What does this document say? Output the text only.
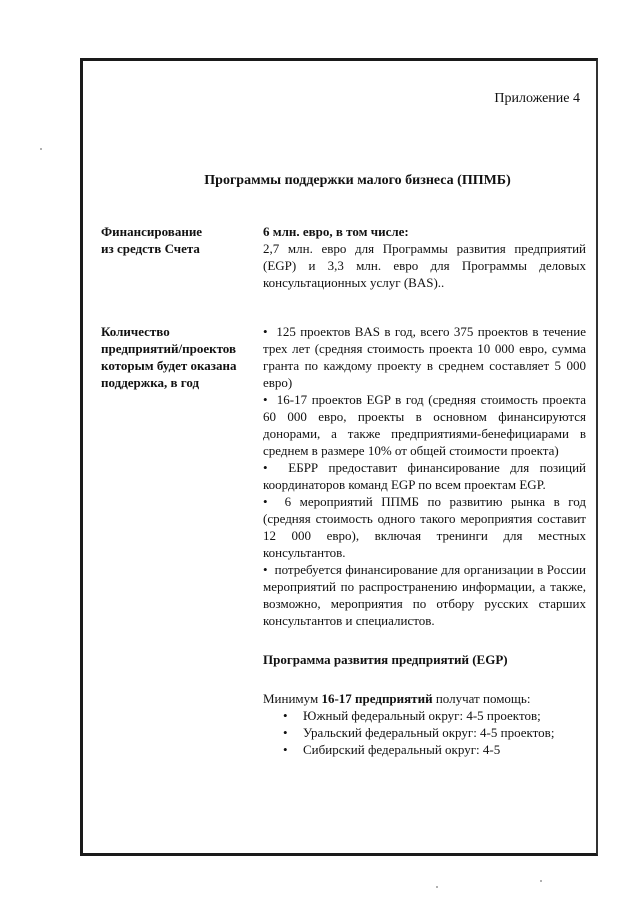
Приложение 4
Программы поддержки малого бизнеса (ППМБ)
Финансирование
из средств Счета

6 млн. евро, в том числе:

2,7 млн. евро для Программы развития предприятий (EGP) и 3,3 млн. евро для Программы деловых консультационных услуг (BAS)..

Количество предприятий/проектов которым будет оказана поддержка, в год

•  125 проектов BAS в год, всего 375 проектов в течение трех лет (средняя стоимость проекта 10 000 евро, сумма гранта по каждому проекту в среднем составляет 5 000 евро)

•  16-17 проектов EGP в год (средняя стоимость проекта 60 000 евро, проекты в основном финансируются донорами, а также предприятиями-бенефициарами в среднем в размере 10% от общей стоимости проекта)

•  ЕБРР предоставит финансирование для позиций координаторов команд EGP по всем проектам EGP.

•  6 мероприятий ППМБ по развитию рынка в год (средняя стоимость одного такого мероприятия составит 12 000 евро), включая тренинги для местных консультантов.

•  потребуется финансирование для организации в России мероприятий по распространению информации, а также, возможно, мероприятия по отбору русских старших консультантов и специалистов.

Программа развития предприятий (EGP)

Минимум 16-17 предприятий получат помощь:

• Южный федеральный округ: 4-5 проектов;
• Уральский федеральный округ: 4-5 проектов;
• Сибирский федеральный округ: 4-5
